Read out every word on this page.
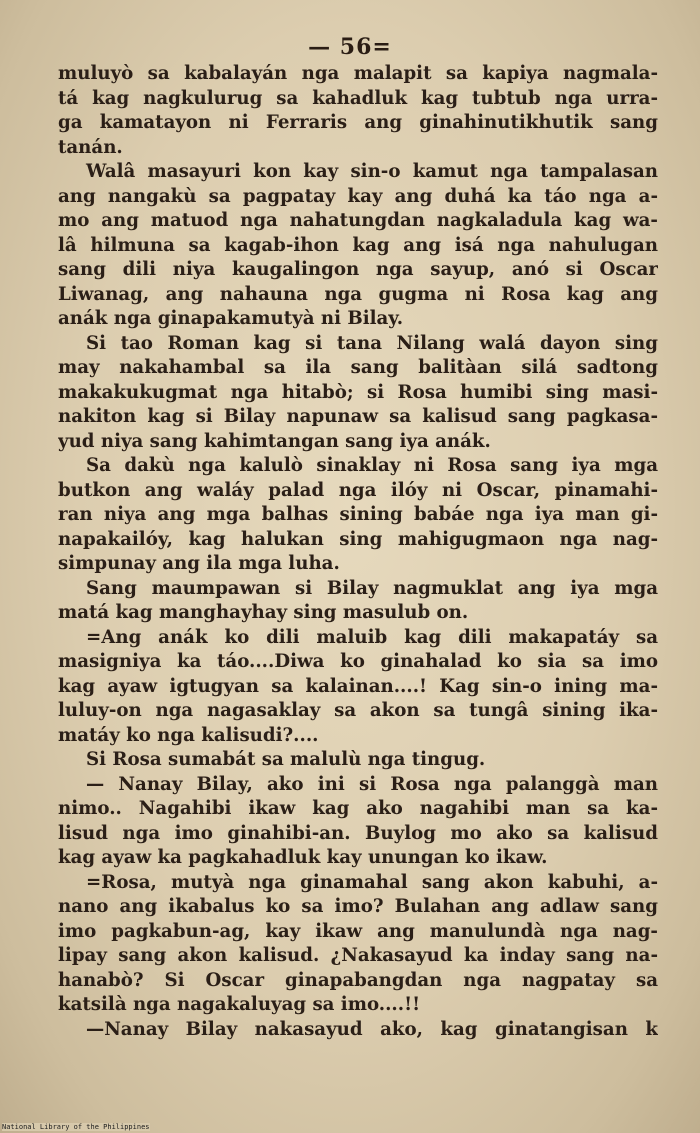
— 56=
muluyò sa kabalayán nga malapit sa kapiya nagmala-
tá kag nagkulurug sa kahadluk kag tubtub nga urra-
ga kamatayon ni Ferraris ang ginahinutikhutik sang
tanán.
Walâ masayuri kon kay sin-o kamut nga tampalasan
ang nangakù sa pagpatay kay ang duhá ka táo nga a-
mo ang matuod nga nahatungdan nagkaladula kag wa-
lâ hilmuna sa kagab-ihon kag ang isá nga nahulugan
sang dili niya kaugalingon nga sayup, anó si Oscar
Liwanag, ang nahauna nga gugma ni Rosa kag ang
anák nga ginapakamutyà ni Bilay.
Si tao Roman kag si tana Nilang walá dayon sing
may nakahambal sa ila sang balitàan silá sadtong
makakukugmat nga hitabò; si Rosa humibi sing masi-
nakiton kag si Bilay napunaw sa kalisud sang pagkasa-
yud niya sang kahimtangan sang iya anák.
Sa dakù nga kalulò sinaklay ni Rosa sang iya mga
butkon ang waláy palad nga ilóy ni Oscar, pinamahi-
ran niya ang mga balhas sining babáe nga iya man gi-
napakailóy, kag halukan sing mahigugmaon nga nag-
simpunay ang ila mga luha.
Sang maumpawan si Bilay nagmuklat ang iya mga
matá kag manghayhay sing masulub on.
=Ang anák ko dili maluib kag dili makapatáy sa
masigniya ka táo....Diwa ko ginahalad ko sia sa imo
kag ayaw igtugyan sa kalainan....! Kag sin-o ining ma-
luluy-on nga nagasaklay sa akon sa tungâ sining ika-
matáy ko nga kalisudi?....
Si Rosa sumabát sa malulù nga tingug.
— Nanay Bilay, ako ini si Rosa nga palanggà man
nimo.. Nagahibi ikaw kag ako nagahibi man sa ka-
lisud nga imo ginahibi-an. Buylog mo ako sa kalisud
kag ayaw ka pagkahadluk kay unungan ko ikaw.
=Rosa, mutyà nga ginamahal sang akon kabuhi, a-
nano ang ikabalus ko sa imo? Bulahan ang adlaw sang
imo pagkabun-ag, kay ikaw ang manulundà nga nag-
lipay sang akon kalisud. ¿Nakasayud ka inday sang na-
hanabò? Si Oscar ginapabangdan nga nagpatay sa
katsilà nga nagakaluyag sa imo....!!
—Nanay Bilay nakasayud ako, kag ginatangisan k
National Library of the Philippines
